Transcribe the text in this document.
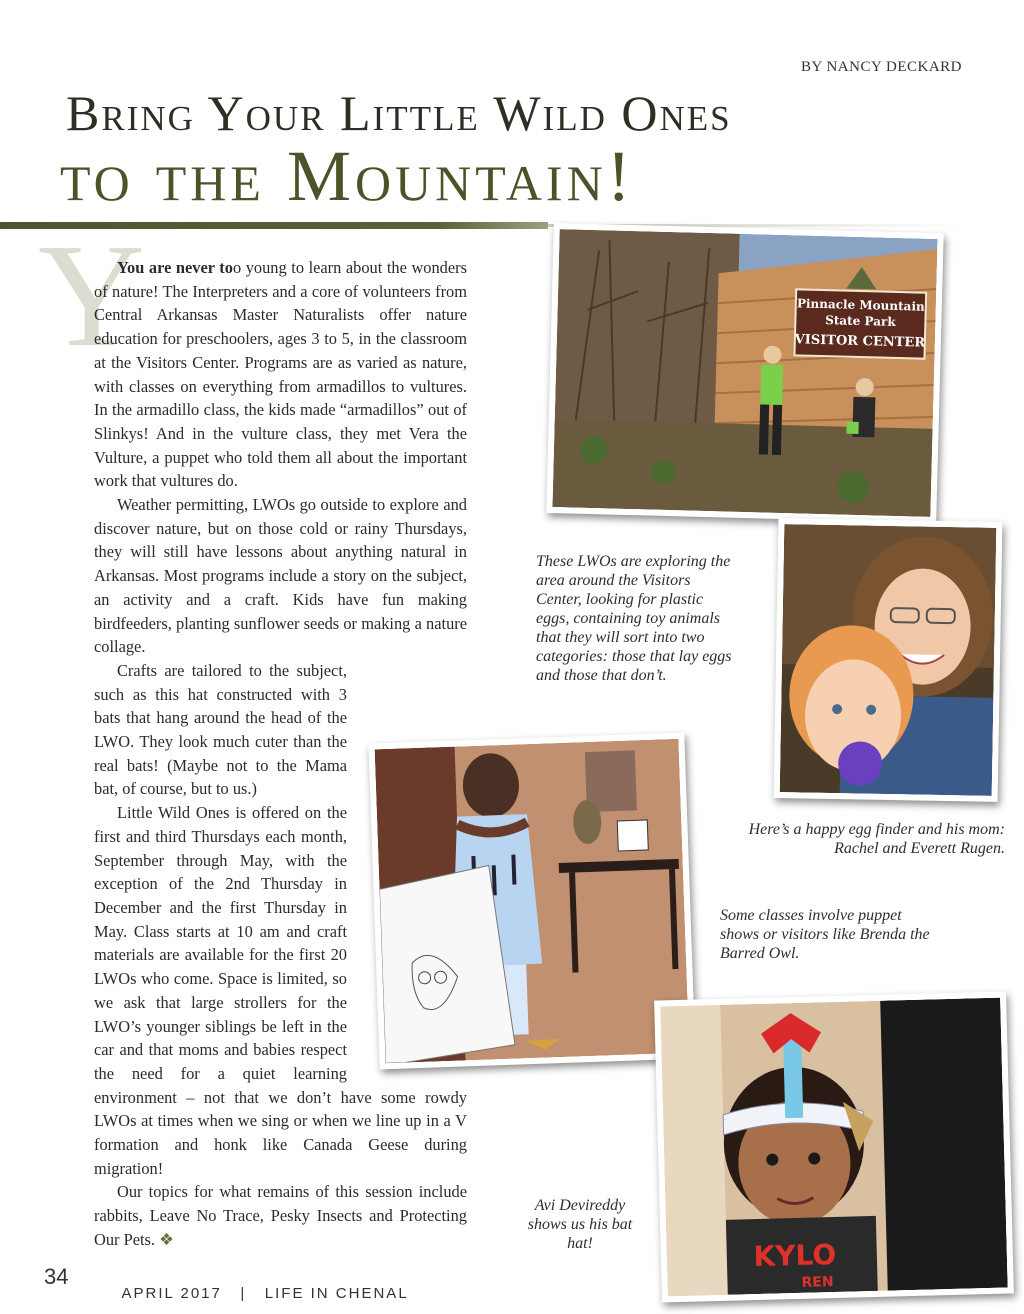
BY NANCY DECKARD
Bring Your Little Wild Ones
to the Mountain!
Y

You are never too young to learn about the wonders of nature! The Interpreters and a core of volunteers from Central Arkansas Master Naturalists offer nature education for preschoolers, ages 3 to 5, in the classroom at the Visitors Center. Programs are as varied as nature, with classes on everything from armadillos to vultures. In the armadillo class, the kids made “armadillos” out of Slinkys! And in the vulture class, they met Vera the Vulture, a puppet who told them all about the important work that vultures do.

Weather permitting, LWOs go outside to explore and discover nature, but on those cold or rainy Thursdays, they will still have lessons about anything natural in Arkansas. Most programs include a story on the subject, an activity and a craft. Kids have fun making birdfeeders, planting sunflower seeds or making a nature collage.

Crafts are tailored to the subject, such as this hat constructed with 3 bats that hang around the head of the LWO. They look much cuter than the real bats! (Maybe not to the Mama bat, of course, but to us.)

Little Wild Ones is offered on the first and third Thursdays each month, September through May, with the exception of the 2nd Thursday in December and the first Thursday in May. Class starts at 10 am and craft materials are available for the first 20 LWOs who come. Space is limited, so we ask that large strollers for the LWO’s younger siblings be left in the car and that moms and babies respect the need for a quiet learning environment – not that we don’t have some rowdy LWOs at times when we sing or when we line up in a V formation and honk like Canada Geese during migration!

Our topics for what remains of this session include rabbits, Leave No Trace, Pesky Insects and Protecting Our Pets. ❖

Pinnacle Mountain
State Park
VISITOR CENTER
These LWOs are exploring the area around the Visitors Center, looking for plastic eggs, containing toy animals that they will sort into two categories: those that lay eggs and those that don’t.
Here’s a happy egg finder and his mom: Rachel and Everett Rugen.
Some classes involve puppet shows or visitors like Brenda the Barred Owl.
KYLO
REN
Avi Devireddy shows us his bat hat!
34

APRIL 2017 | LIFE IN CHENAL
